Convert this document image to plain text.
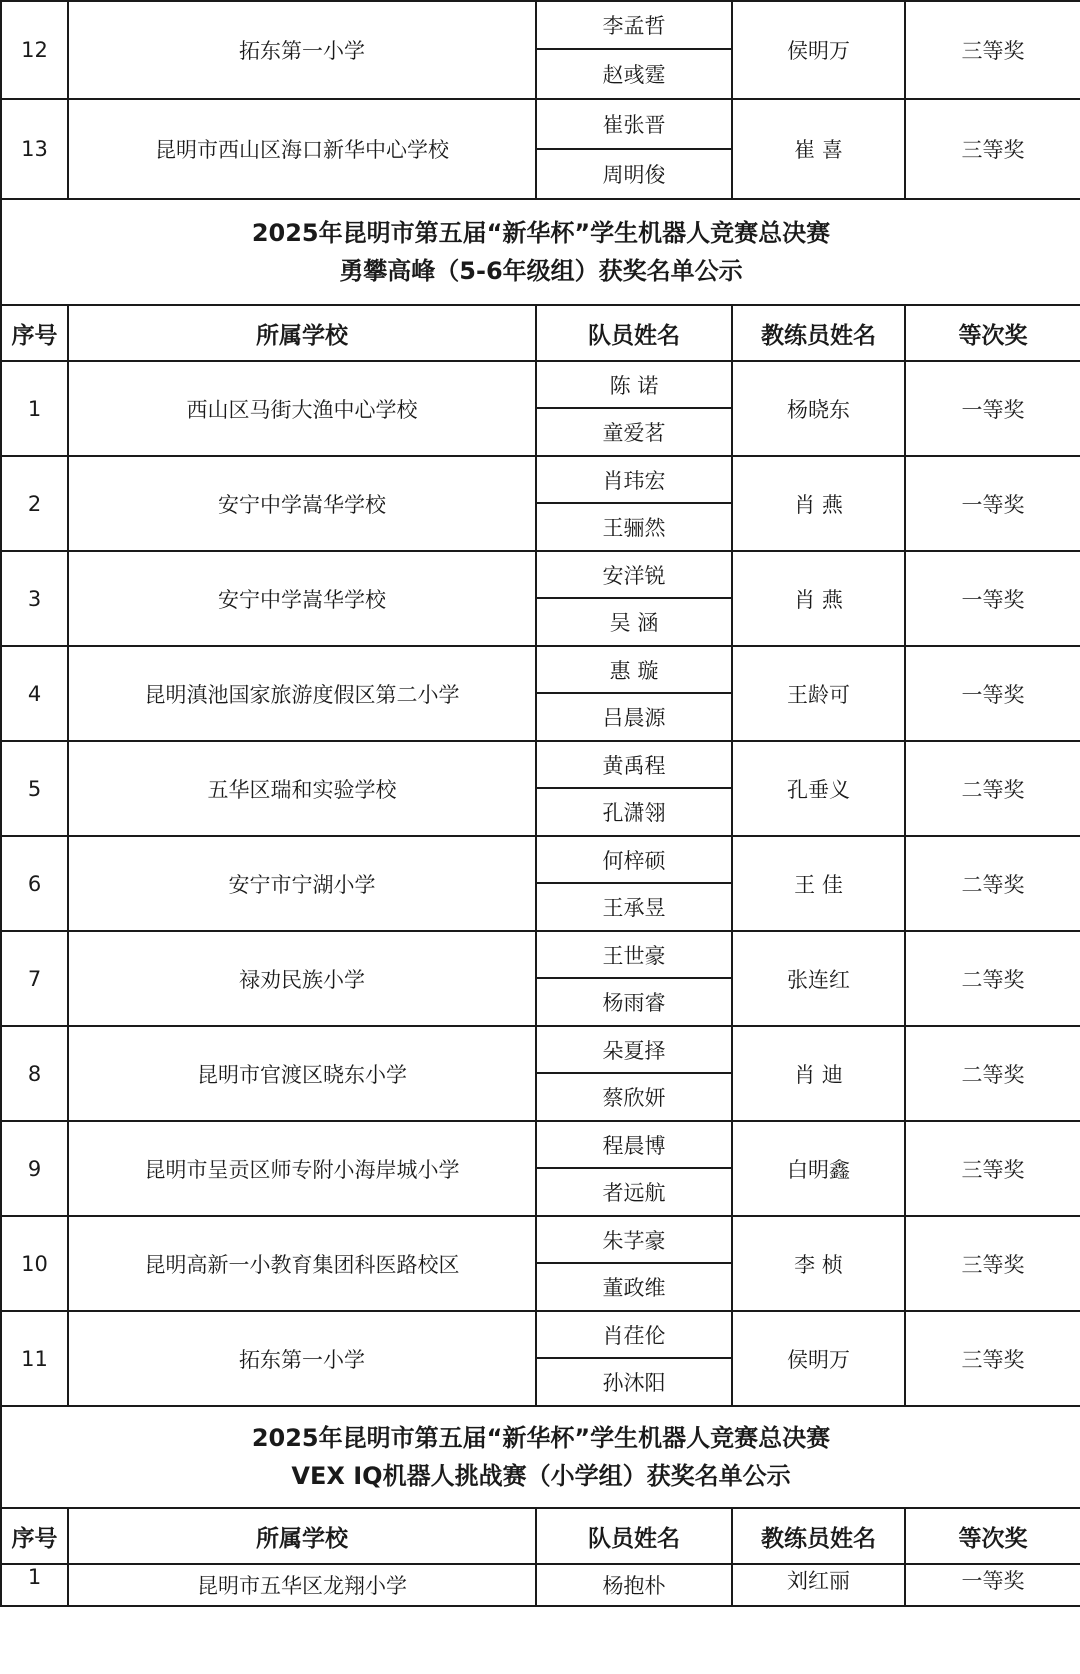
12	拓东第一小学	李孟哲	侯明万	三等奖
		赵彧霆		
13	昆明市西山区海口新华中心学校	崔张晋	崔 喜	三等奖
		周明俊		

2025年昆明市第五届“新华杯”学生机器人竞赛总决赛
勇攀高峰（5-6年级组）获奖名单公示				

序号	所属学校	队员姓名	教练员姓名	等次奖
1	西山区马街大渔中心学校	陈 诺	杨晓东	一等奖
		童爱茗		
2	安宁中学嵩华学校	肖玮宏	肖 燕	一等奖
		王骊然		
3	安宁中学嵩华学校	安洋锐	肖 燕	一等奖
		吴 涵		
4	昆明滇池国家旅游度假区第二小学	惠 璇	王龄可	一等奖
		吕晨源		
5	五华区瑞和实验学校	黄禹程	孔垂义	二等奖
		孔潇翎		
6	安宁市宁湖小学	何梓硕	王 佳	二等奖
		王承昱		
7	禄劝民族小学	王世豪	张连红	二等奖
		杨雨睿		
8	昆明市官渡区晓东小学	朵夏择	肖 迪	二等奖
		蔡欣妍		
9	昆明市呈贡区师专附小海岸城小学	程晨博	白明鑫	三等奖
		者远航		
10	昆明高新一小教育集团科医路校区	朱芓豪	李 桢	三等奖
		董政维		
11	拓东第一小学	肖荏伦	侯明万	三等奖
		孙沐阳		

2025年昆明市第五届“新华杯”学生机器人竞赛总决赛
VEX IQ机器人挑战赛（小学组）获奖名单公示				

序号	所属学校	队员姓名	教练员姓名	等次奖
1	昆明市五华区龙翔小学	杨抱朴	刘红丽	一等奖
